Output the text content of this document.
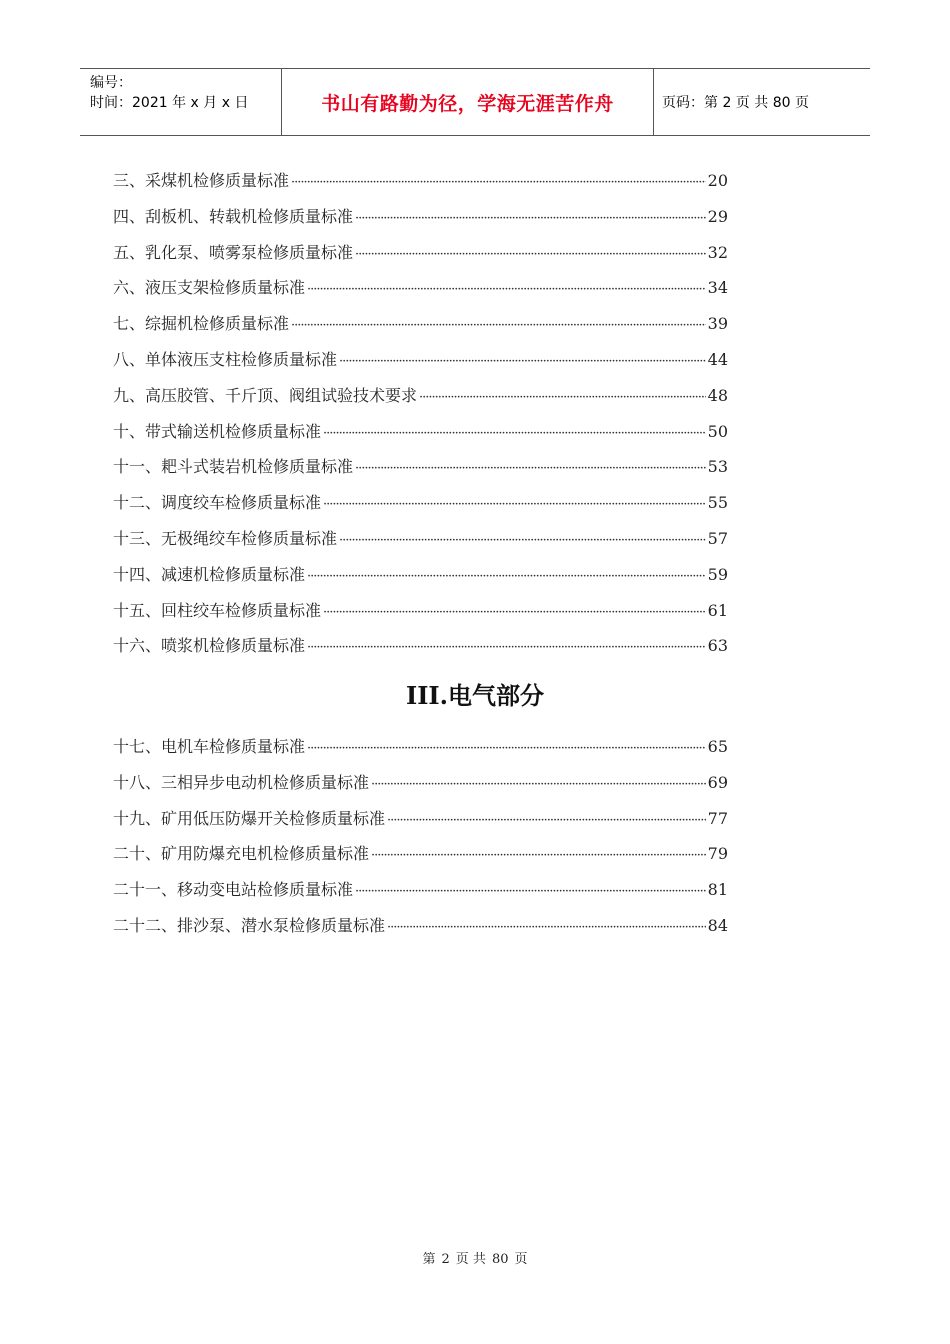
编号：
时间：2021 年 x 月 x 日	书山有路勤为径，学海无涯苦作舟	页码：第 2 页 共 80 页
三、采煤机检修质量标准 ·····	20
四、刮板机、转载机检修质量标准 ·····	29
五、乳化泵、喷雾泵检修质量标准 ·····	32
六、液压支架检修质量标准 ·····	34
七、综掘机检修质量标准 ·····	39
八、单体液压支柱检修质量标准 ·····	44
九、高压胶管、千斤顶、阀组试验技术要求 ·····	48
十、带式输送机检修质量标准 ·····	50
十一、耙斗式装岩机检修质量标准 ·····	53
十二、调度绞车检修质量标准 ·····	55
十三、无极绳绞车检修质量标准 ·····	57
十四、减速机检修质量标准 ·····	59
十五、回柱绞车检修质量标准 ·····	61
十六、喷浆机检修质量标准 ·····	63
III.电气部分
十七、电机车检修质量标准 ·····	65
十八、三相异步电动机检修质量标准 ·····	69
十九、矿用低压防爆开关检修质量标准 ·····	77
二十、矿用防爆充电机检修质量标准 ·····	79
二十一、移动变电站检修质量标准 ·····	81
二十二、排沙泵、潜水泵检修质量标准 ·····	84
第 2 页 共 80 页
